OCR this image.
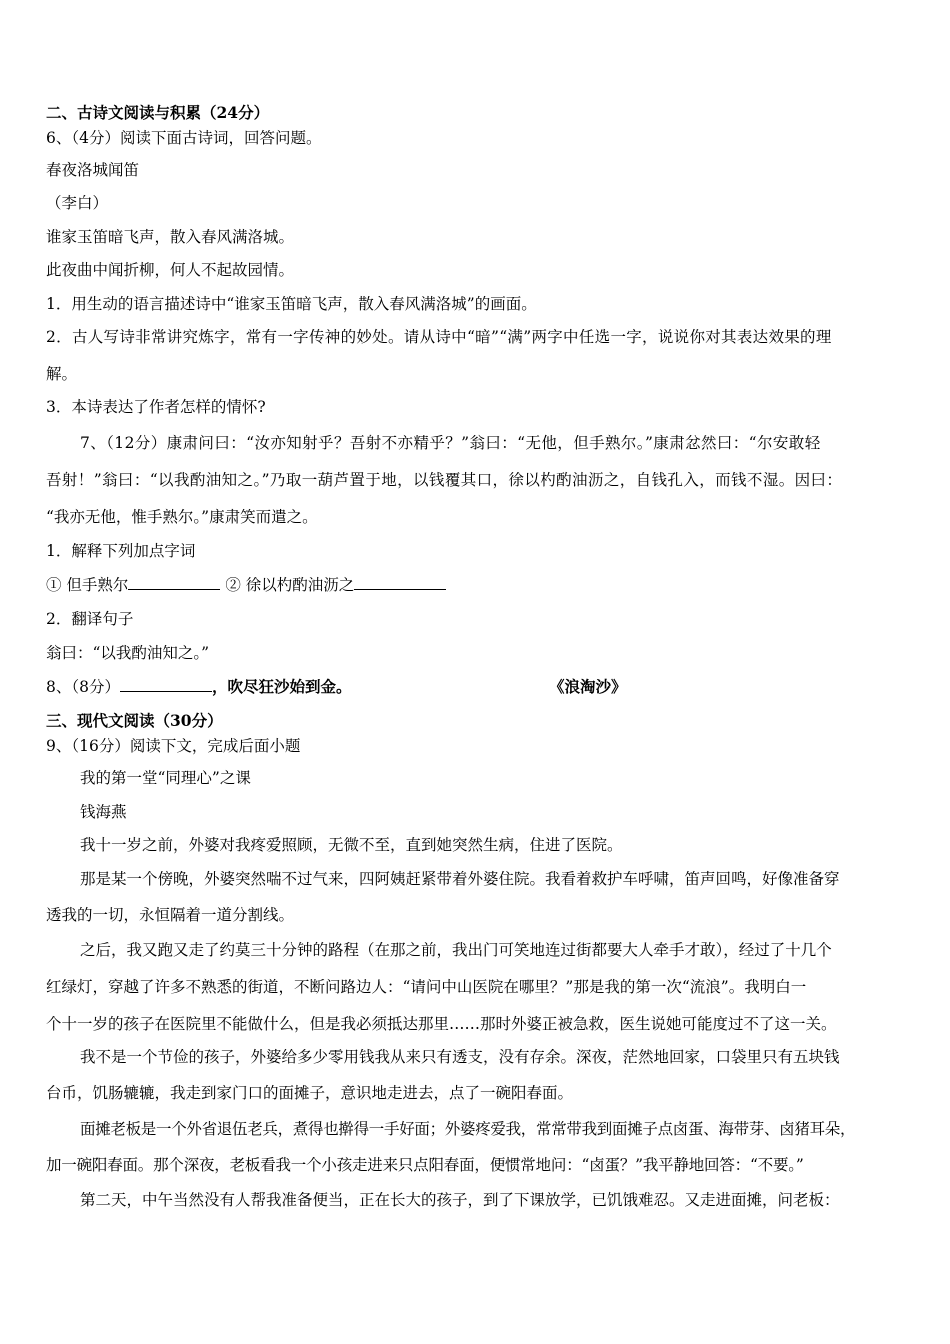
二、古诗文阅读与积累（24分）
6、（4分）阅读下面古诗词，回答问题。
春夜洛城闻笛
（李白）
谁家玉笛暗飞声，散入春风满洛城。
此夜曲中闻折柳，何人不起故园情。
1．用生动的语言描述诗中“谁家玉笛暗飞声，散入春风满洛城”的画面。
2．古人写诗非常讲究炼字，常有一字传神的妙处。请从诗中“暗”“满”两字中任选一字，说说你对其表达效果的理
解。
3．本诗表达了作者怎样的情怀?
7、（12分）康肃问曰：“汝亦知射乎？吾射不亦精乎？”翁曰：“无他，但手熟尔。”康肃忿然曰：“尔安敢轻
吾射！”翁曰：“以我酌油知之。”乃取一葫芦置于地，以钱覆其口，徐以杓酌油沥之，自钱孔入，而钱不湿。因曰：
“我亦无他，惟手熟尔。”康肃笑而遣之。
1．解释下列加点字词
① 但手熟尔	② 徐以杓酌油沥之
2．翻译句子
翁曰：“以我酌油知之。”
8、（8分）	，吹尽狂沙始到金。	《浪淘沙》
三、现代文阅读（30分）
9、（16分）阅读下文，完成后面小题
我的第一堂“同理心”之课
钱海燕
我十一岁之前，外婆对我疼爱照顾，无微不至，直到她突然生病，住进了医院。
那是某一个傍晚，外婆突然喘不过气来，四阿姨赶紧带着外婆住院。我看着救护车呼啸，笛声回鸣，好像准备穿
透我的一切，永恒隔着一道分割线。
之后，我又跑又走了约莫三十分钟的路程（在那之前，我出门可笑地连过街都要大人牵手才敢），经过了十几个
红绿灯，穿越了许多不熟悉的街道，不断问路边人：“请问中山医院在哪里？”那是我的第一次“流浪”。我明白一
个十一岁的孩子在医院里不能做什么，但是我必须抵达那里……那时外婆正被急救，医生说她可能度过不了这一关。
我不是一个节俭的孩子，外婆给多少零用钱我从来只有透支，没有存余。深夜，茫然地回家，口袋里只有五块钱
台币，饥肠辘辘，我走到家门口的面摊子，意识地走进去，点了一碗阳春面。
面摊老板是一个外省退伍老兵，煮得也擀得一手好面；外婆疼爱我，常常带我到面摊子点卤蛋、海带芽、卤猪耳朵，
加一碗阳春面。那个深夜，老板看我一个小孩走进来只点阳春面，便惯常地问：“卤蛋？”我平静地回答：“不要。”
第二天，中午当然没有人帮我准备便当，正在长大的孩子，到了下课放学，已饥饿难忍。又走进面摊，问老板：
